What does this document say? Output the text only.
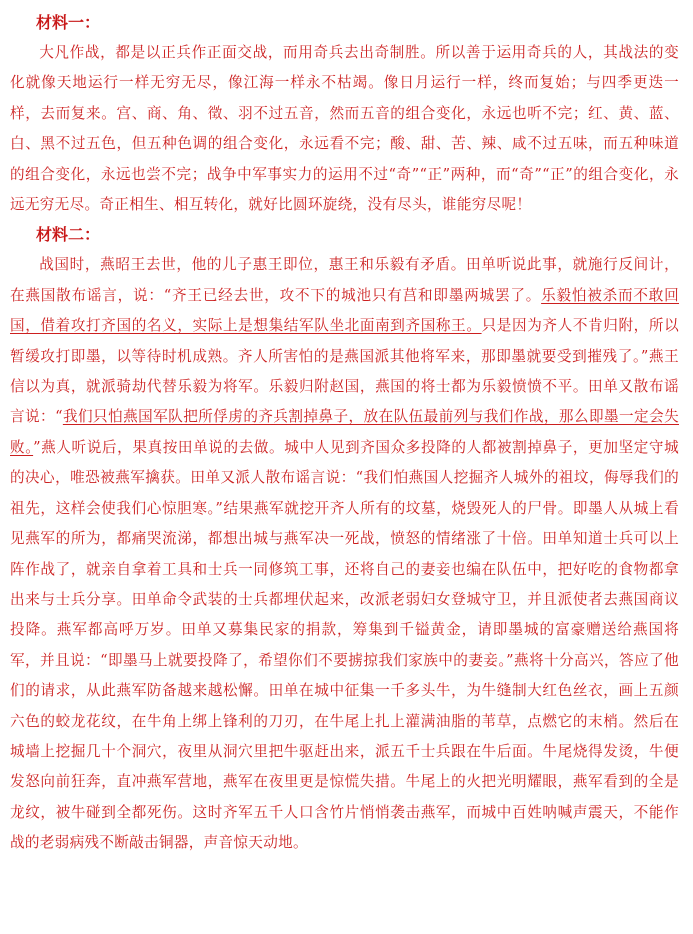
材料一：

大凡作战，都是以正兵作正面交战，而用奇兵去出奇制胜。所以善于运用奇兵的人，其战法的变化就像天地运行一样无穷无尽，像江海一样永不枯竭。像日月运行一样，终而复始；与四季更迭一样，去而复来。宫、商、角、徵、羽不过五音，然而五音的组合变化，永远也听不完；红、黄、蓝、白、黑不过五色，但五种色调的组合变化，永远看不完；酸、甜、苦、辣、咸不过五味，而五种味道的组合变化，永远也尝不完；战争中军事实力的运用不过“奇”“正”两种，而“奇”“正”的组合变化，永远无穷无尽。奇正相生、相互转化，就好比圆环旋绕，没有尽头，谁能穷尽呢！

材料二：

战国时，燕昭王去世，他的儿子惠王即位，惠王和乐毅有矛盾。田单听说此事，就施行反间计，在燕国散布谣言，说：“齐王已经去世，攻不下的城池只有莒和即墨两城罢了。乐毅怕被杀而不敢回国，借着攻打齐国的名义，实际上是想集结军队坐北面南到齐国称王。只是因为齐人不肯归附，所以暂缓攻打即墨，以等待时机成熟。齐人所害怕的是燕国派其他将军来，那即墨就要受到摧残了。”燕王信以为真，就派骑劫代替乐毅为将军。乐毅归附赵国，燕国的将士都为乐毅愤愤不平。田单又散布谣言说：“我们只怕燕国军队把所俘虏的齐兵割掉鼻子，放在队伍最前列与我们作战，那么即墨一定会失败。”燕人听说后，果真按田单说的去做。城中人见到齐国众多投降的人都被割掉鼻子，更加坚定守城的决心，唯恐被燕军擒获。田单又派人散布谣言说：“我们怕燕国人挖掘齐人城外的祖坟，侮辱我们的祖先，这样会使我们心惊胆寒。”结果燕军就挖开齐人所有的坟墓，烧毁死人的尸骨。即墨人从城上看见燕军的所为，都痛哭流涕，都想出城与燕军决一死战，愤怒的情绪涨了十倍。田单知道士兵可以上阵作战了，就亲自拿着工具和士兵一同修筑工事，还将自己的妻妾也编在队伍中，把好吃的食物都拿出来与士兵分享。田单命令武装的士兵都埋伏起来，改派老弱妇女登城守卫，并且派使者去燕国商议投降。燕军都高呼万岁。田单又募集民家的捐款，筹集到千镒黄金，请即墨城的富豪赠送给燕国将军，并且说：“即墨马上就要投降了，希望你们不要掳掠我们家族中的妻妾。”燕将十分高兴，答应了他们的请求，从此燕军防备越来越松懈。田单在城中征集一千多头牛，为牛缝制大红色丝衣，画上五颜六色的蛟龙花纹，在牛角上绑上锋利的刀刃，在牛尾上扎上灌满油脂的苇草，点燃它的末梢。然后在城墙上挖掘几十个洞穴，夜里从洞穴里把牛驱赶出来，派五千士兵跟在牛后面。牛尾烧得发烫，牛便发怒向前狂奔，直冲燕军营地，燕军在夜里更是惊慌失措。牛尾上的火把光明耀眼，燕军看到的全是龙纹，被牛碰到全都死伤。这时齐军五千人口含竹片悄悄袭击燕军，而城中百姓呐喊声震天，不能作战的老弱病残不断敲击铜器，声音惊天动地。
